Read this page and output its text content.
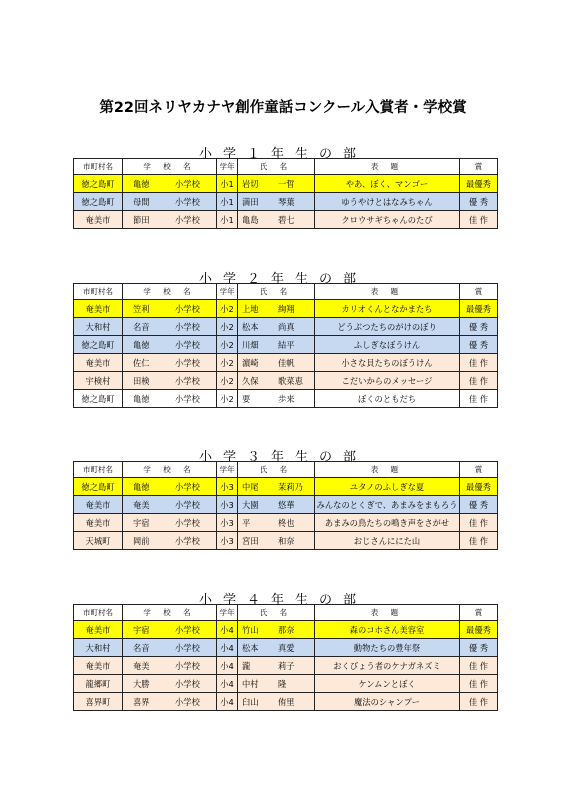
第22回ネリヤカナヤ創作童話コンクール入賞者・学校賞
小学１年生の部
市町村名	学 校 名	学年	氏 名	表 題	賞
徳之島町	亀徳 小学校	小1	岩切 一晢	やあ、ぼく、マンゴー	最優秀
徳之島町	母間 小学校	小1	満田 琴葉	ゆうやけとはなみちゃん	優 秀
奄美市	節田 小学校	小1	亀島 碧七	クロウサギちゃんのたび	佳 作
小学２年生の部
市町村名	学 校 名	学年	氏 名	表 題	賞
奄美市	笠利 小学校	小2	上地 絢翔	カリオくんとなかまたち	最優秀
大和村	名音 小学校	小2	松本 尚真	どうぶつたちのがけのぼり	優 秀
徳之島町	亀徳 小学校	小2	川畑 結平	ふしぎなぼうけん	優 秀
奄美市	佐仁 小学校	小2	濵崎 佳帆	小さな貝たちのぼうけん	佳 作
宇検村	田検 小学校	小2	久保 歌菜恵	こだいからのメッセージ	佳 作
徳之島町	亀徳 小学校	小2	要 歩来	ぼくのともだち	佳 作
小学３年生の部
市町村名	学 校 名	学年	氏 名	表 題	賞
徳之島町	亀徳 小学校	小3	中尾 茉莉乃	ユタノのふしぎな夏	最優秀
奄美市	奄美 小学校	小3	大園 悠華	みんなのとくぎで、あまみをまもろう	優 秀
奄美市	宇宿 小学校	小3	平 柊也	あまみの鳥たちの鳴き声をさがせ	佳 作
天城町	岡前 小学校	小3	宮田 和奈	おじさんににた山	佳 作
小学４年生の部
市町村名	学 校 名	学年	氏 名	表 題	賞
奄美市	宇宿 小学校	小4	竹山 那奈	森のコホさん美容室	最優秀
大和村	名音 小学校	小4	松本 真愛	動物たちの豊年祭	優 秀
奄美市	奄美 小学校	小4	瀧 莉子	おくびょう者のケナガネズミ	佳 作
龍郷町	大勝 小学校	小4	中村 隆	ケンムンとぼく	佳 作
喜界町	喜界 小学校	小4	臼山 侑里	魔法のシャンプー	佳 作
